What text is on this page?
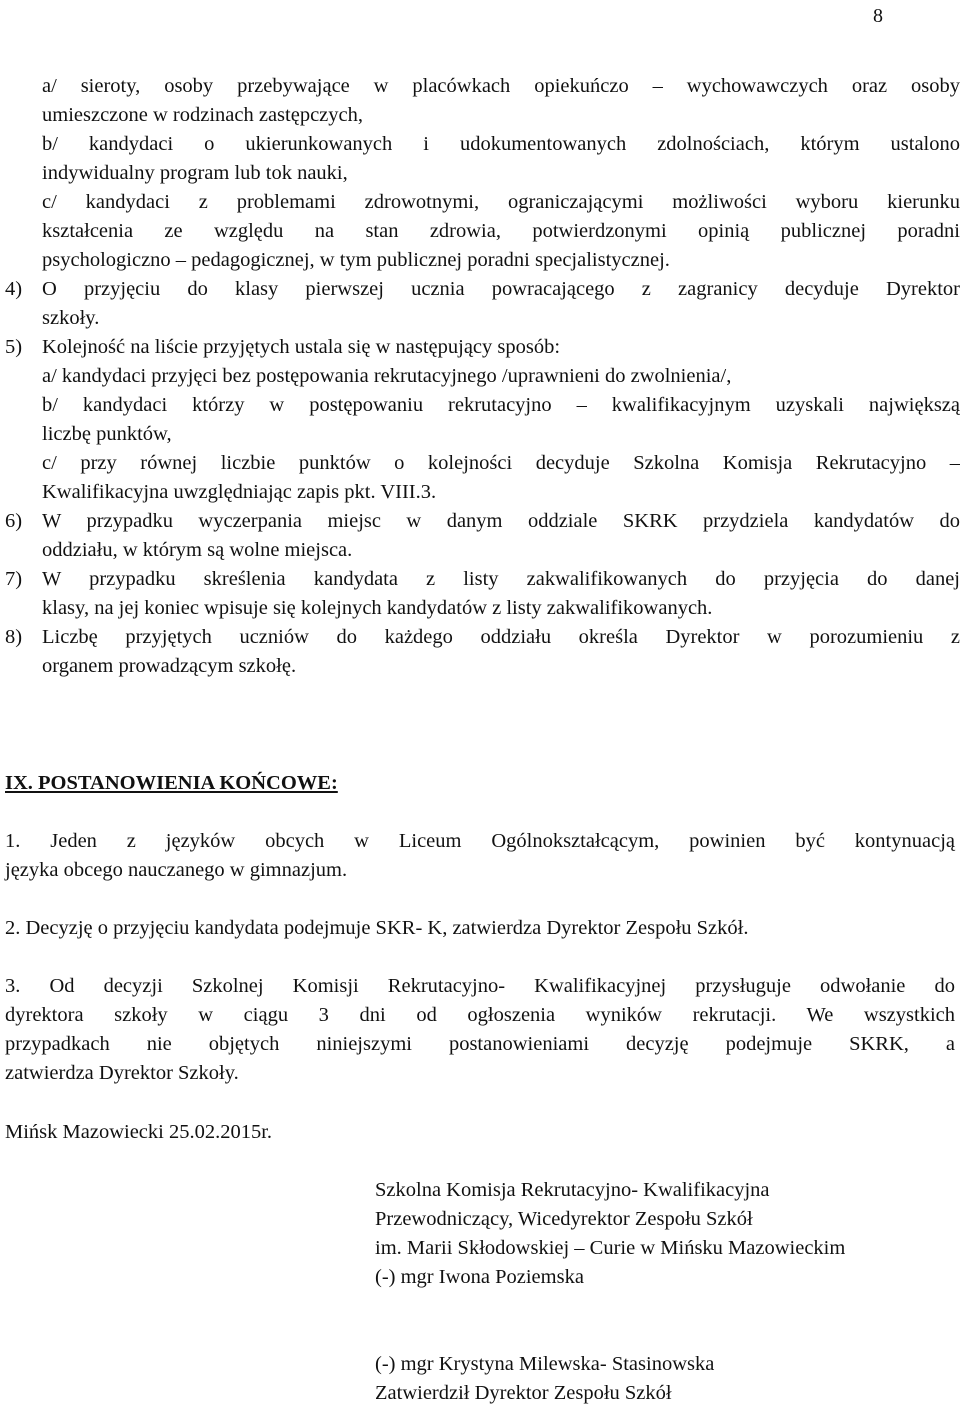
8
a/ sieroty, osoby przebywające w placówkach opiekuńczo – wychowawczych oraz osoby
umieszczone w rodzinach zastępczych,
b/ kandydaci o ukierunkowanych i udokumentowanych zdolnościach, którym ustalono
indywidualny program lub tok nauki,
c/ kandydaci z problemami zdrowotnymi, ograniczającymi możliwości wyboru kierunku
kształcenia ze względu na stan zdrowia, potwierdzonymi opinią publicznej poradni
psychologiczno – pedagogicznej, w tym publicznej poradni specjalistycznej.
4) O przyjęciu do klasy pierwszej ucznia powracającego z zagranicy decyduje Dyrektor
szkoły.
5) Kolejność na liście przyjętych ustala się w następujący sposób:
a/ kandydaci przyjęci bez postępowania rekrutacyjnego /uprawnieni do zwolnienia/,
b/ kandydaci którzy w postępowaniu rekrutacyjno – kwalifikacyjnym uzyskali największą
liczbę punktów,
c/ przy równej liczbie punktów o kolejności decyduje Szkolna Komisja Rekrutacyjno –
Kwalifikacyjna uwzględniając zapis pkt. VIII.3.
6) W przypadku wyczerpania miejsc w danym oddziale SKRK przydziela kandydatów do
oddziału, w którym są wolne miejsca.
7) W przypadku skreślenia kandydata z listy zakwalifikowanych do przyjęcia do danej
klasy, na jej koniec wpisuje się kolejnych kandydatów z listy zakwalifikowanych.
8) Liczbę przyjętych uczniów do każdego oddziału określa Dyrektor w porozumieniu z
organem prowadzącym szkołę.
IX. POSTANOWIENIA KOŃCOWE:
1. Jeden z języków obcych w Liceum Ogólnokształcącym, powinien być kontynuacją
języka obcego nauczanego w gimnazjum.
2. Decyzję o przyjęciu kandydata podejmuje SKR- K, zatwierdza Dyrektor Zespołu Szkół.
3. Od decyzji Szkolnej Komisji Rekrutacyjno- Kwalifikacyjnej przysługuje odwołanie do
dyrektora szkoły w ciągu 3 dni od ogłoszenia wyników rekrutacji. We wszystkich
przypadkach nie objętych niniejszymi postanowieniami decyzję podejmuje SKRK, a
zatwierdza Dyrektor Szkoły.
Mińsk Mazowiecki 25.02.2015r.
Szkolna Komisja Rekrutacyjno- Kwalifikacyjna
Przewodniczący, Wicedyrektor Zespołu Szkół
im. Marii Skłodowskiej – Curie w Mińsku Mazowieckim
(-) mgr Iwona Poziemska
(-) mgr Krystyna Milewska- Stasinowska
Zatwierdził Dyrektor Zespołu Szkół
